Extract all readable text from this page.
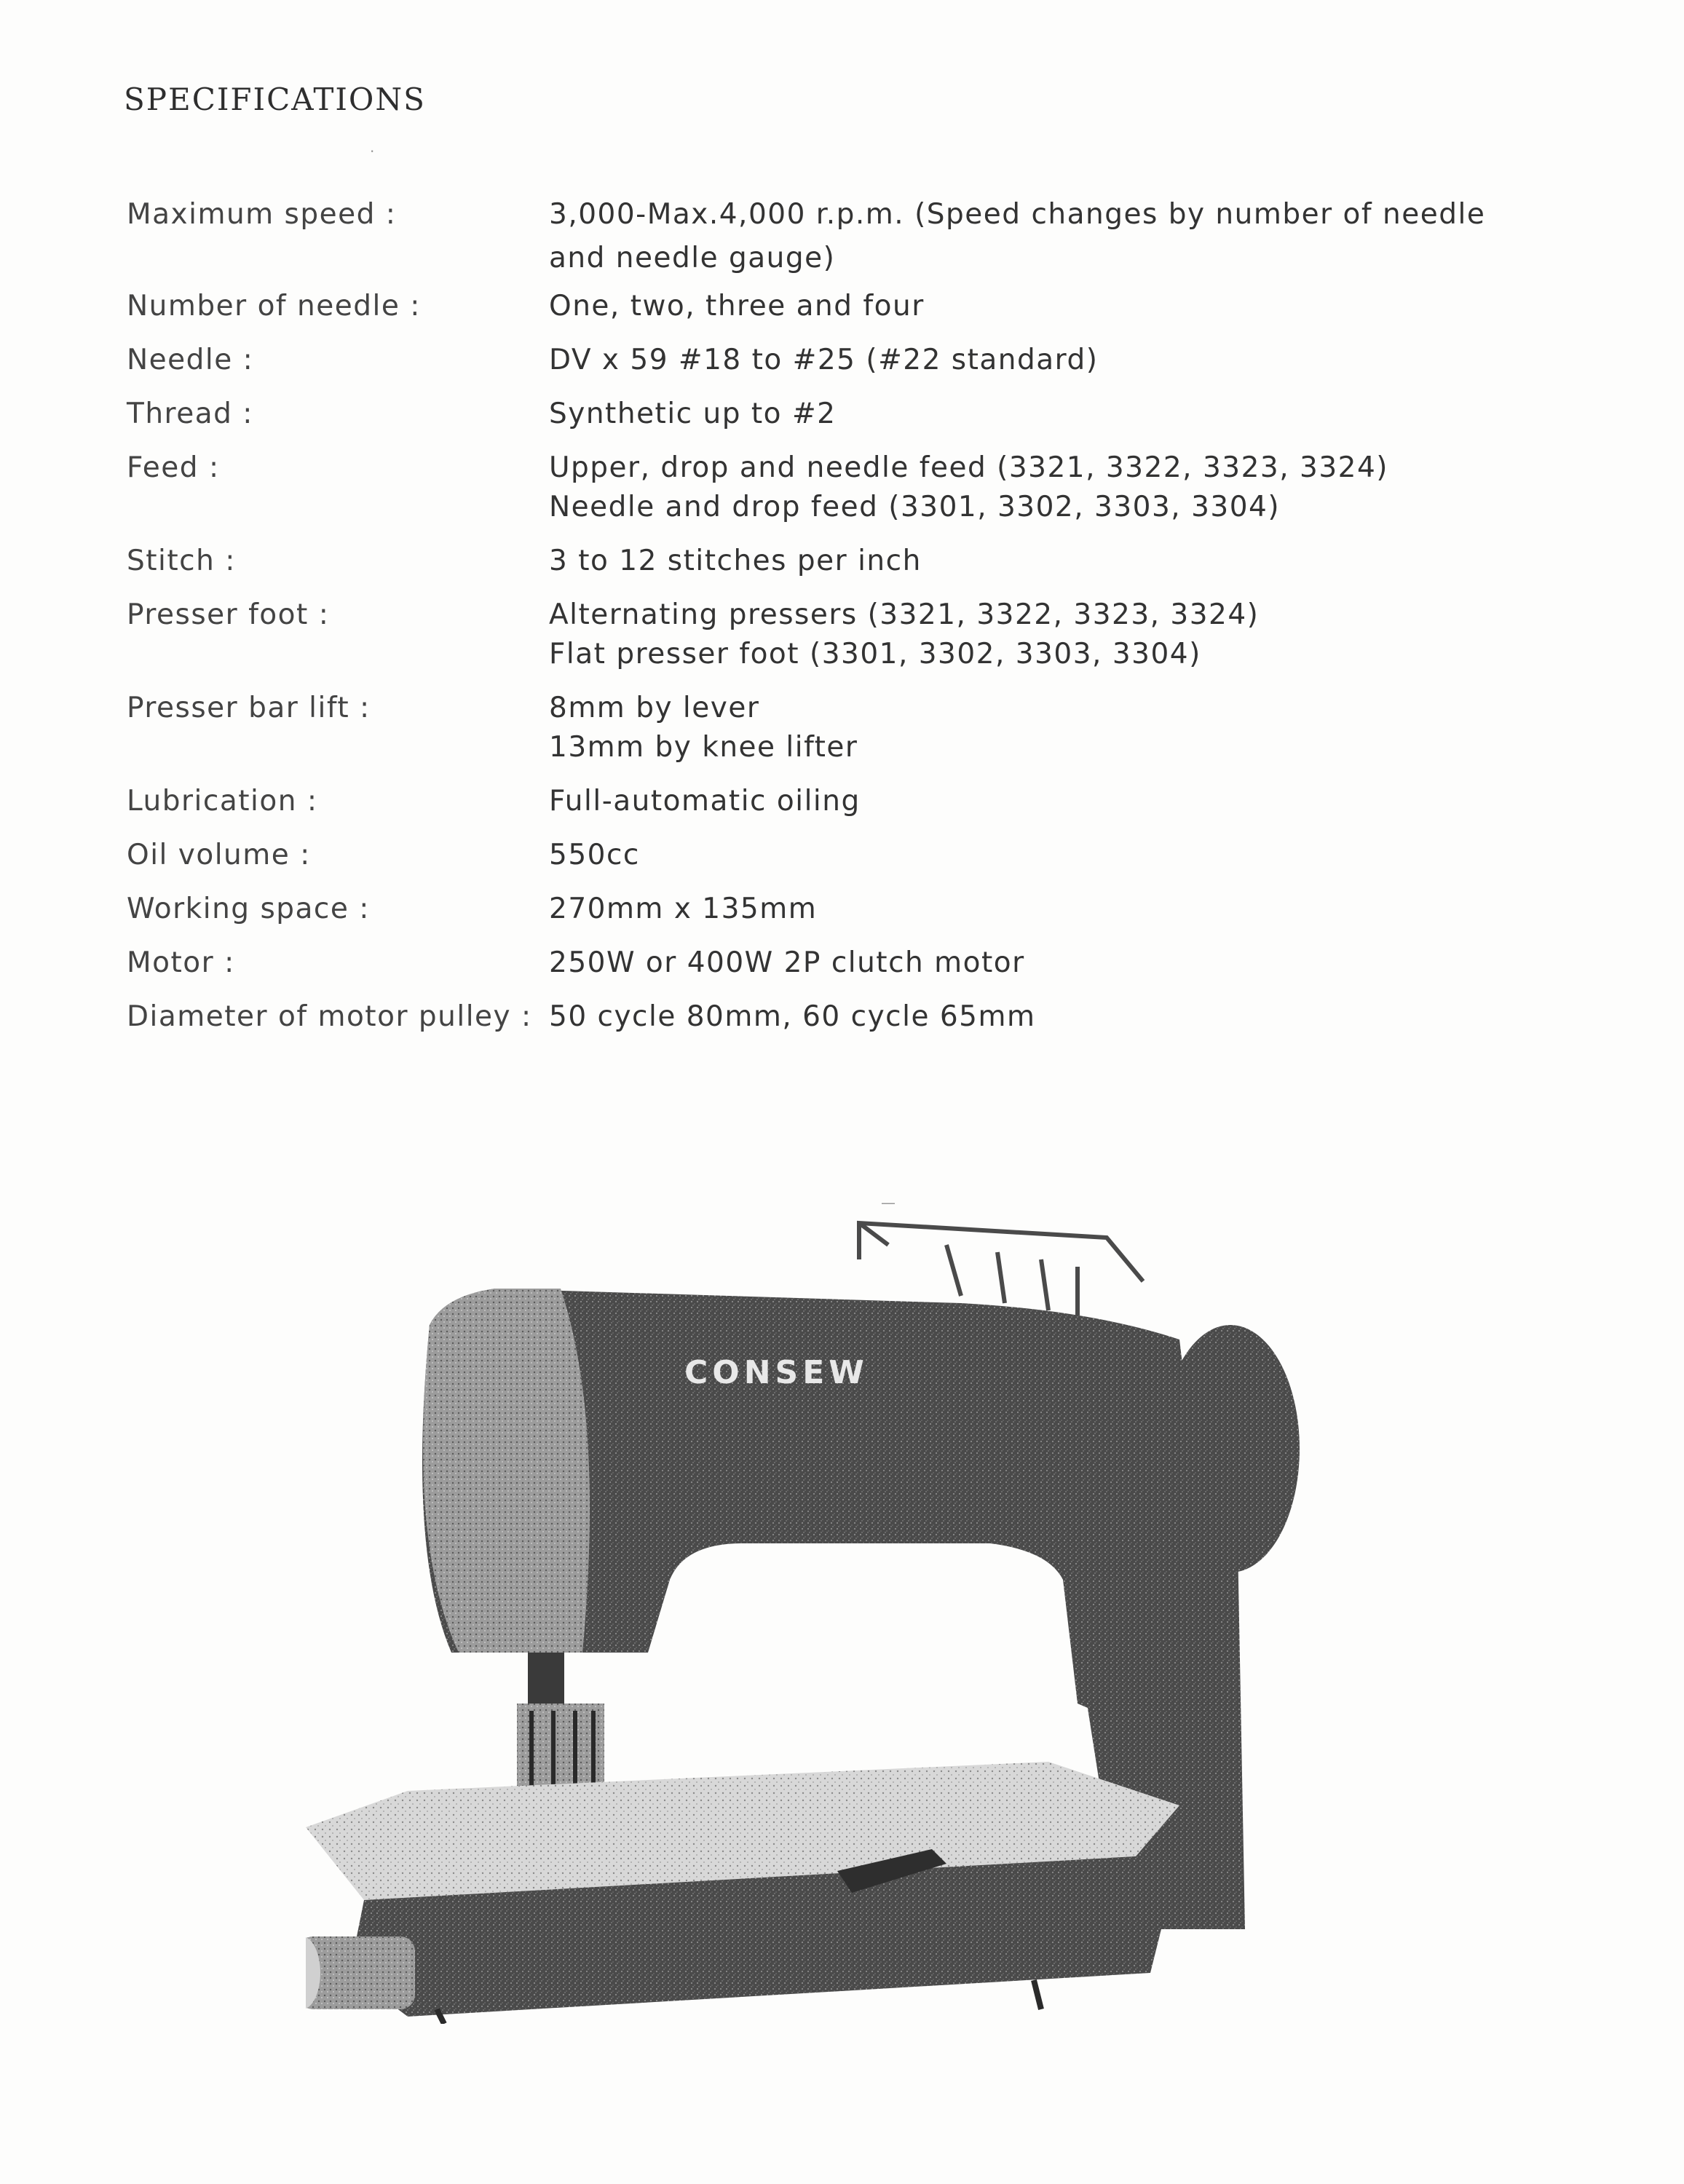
SPECIFICATIONS
Maximum speed :	3,000-Max.4,000 r.p.m. (Speed changes by number of needle
and needle gauge)
Number of needle :	One, two, three and four
Needle :	DV x 59 #18 to #25 (#22 standard)
Thread :	Synthetic up to #2
Feed :	Upper, drop and needle feed (3321, 3322, 3323, 3324)
Needle and drop feed (3301, 3302, 3303, 3304)
Stitch :	3 to 12 stitches per inch
Presser foot :	Alternating pressers (3321, 3322, 3323, 3324)
Flat presser foot (3301, 3302, 3303, 3304)
Presser bar lift :	8mm by lever
13mm by knee lifter
Lubrication :	Full-automatic oiling
Oil volume :	550cc
Working space :	270mm x 135mm
Motor :	250W or 400W 2P clutch motor
Diameter of motor pulley : 50 cycle 80mm, 60 cycle 65mm
CONSEW
·
—
